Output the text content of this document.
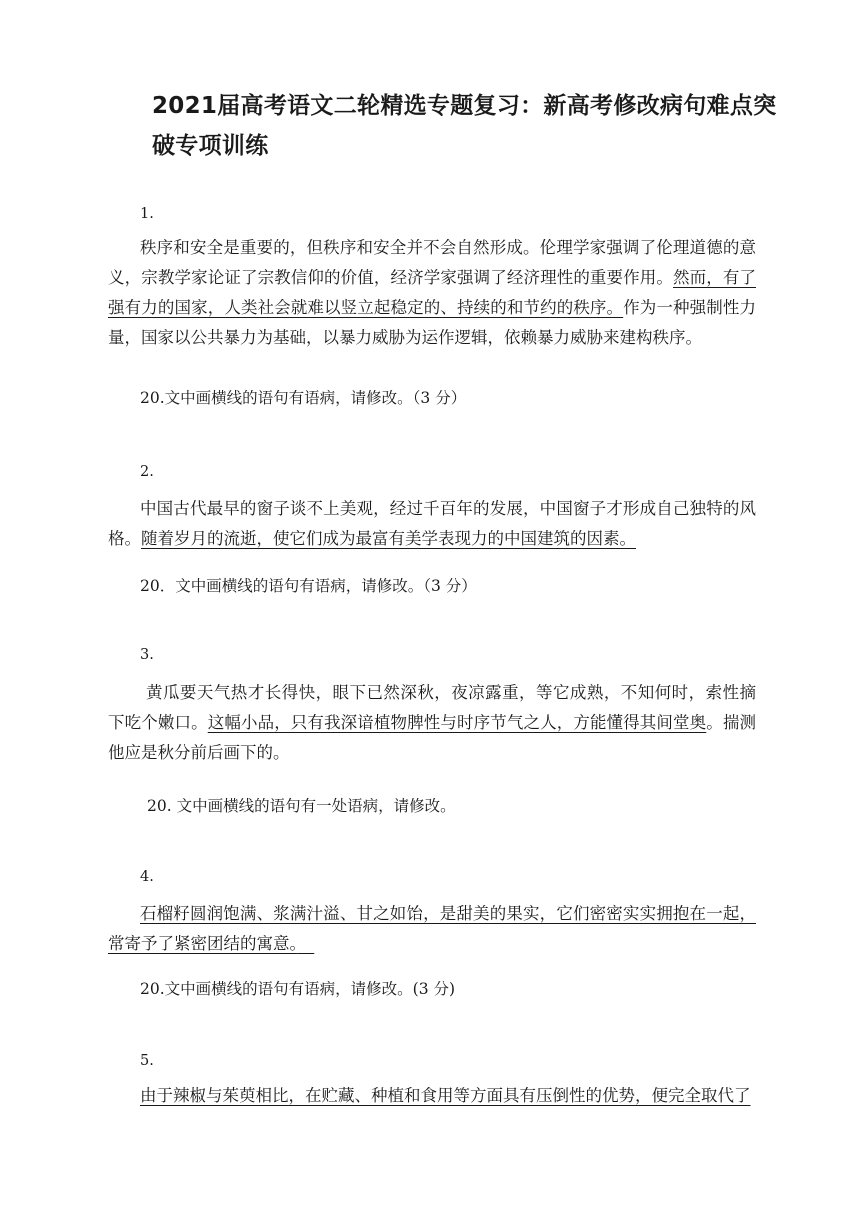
2021届高考语文二轮精选专题复习：新高考修改病句难点突破专项训练
1.
秩序和安全是重要的，但秩序和安全并不会自然形成。伦理学家强调了伦理道德的意义，宗教学家论证了宗教信仰的价值，经济学家强调了经济理性的重要作用。然而，有了强有力的国家，人类社会就难以竖立起稳定的、持续的和节约的秩序。作为一种强制性力量，国家以公共暴力为基础，以暴力威胁为运作逻辑，依赖暴力威胁来建构秩序。
20.文中画横线的语句有语病，请修改。（3 分）
2.
中国古代最早的窗子谈不上美观，经过千百年的发展，中国窗子才形成自己独特的风格。随着岁月的流逝，使它们成为最富有美学表现力的中国建筑的因素。
20．文中画横线的语句有语病，请修改。（3 分）
3.
黄瓜要天气热才长得快，眼下已然深秋，夜凉露重，等它成熟，不知何时，索性摘下吃个嫩口。这幅小品，只有我深谙植物脾性与时序节气之人，方能懂得其间堂奥。揣测他应是秋分前后画下的。
20. 文中画横线的语句有一处语病，请修改。
4.
石榴籽圆润饱满、浆满汁溢、甘之如饴，是甜美的果实，它们密密实实拥抱在一起，常寄予了紧密团结的寓意。　
20.文中画横线的语句有语病，请修改。(3 分)
5.
由于辣椒与茱萸相比，在贮藏、种植和食用等方面具有压倒性的优势，便完全取代了
